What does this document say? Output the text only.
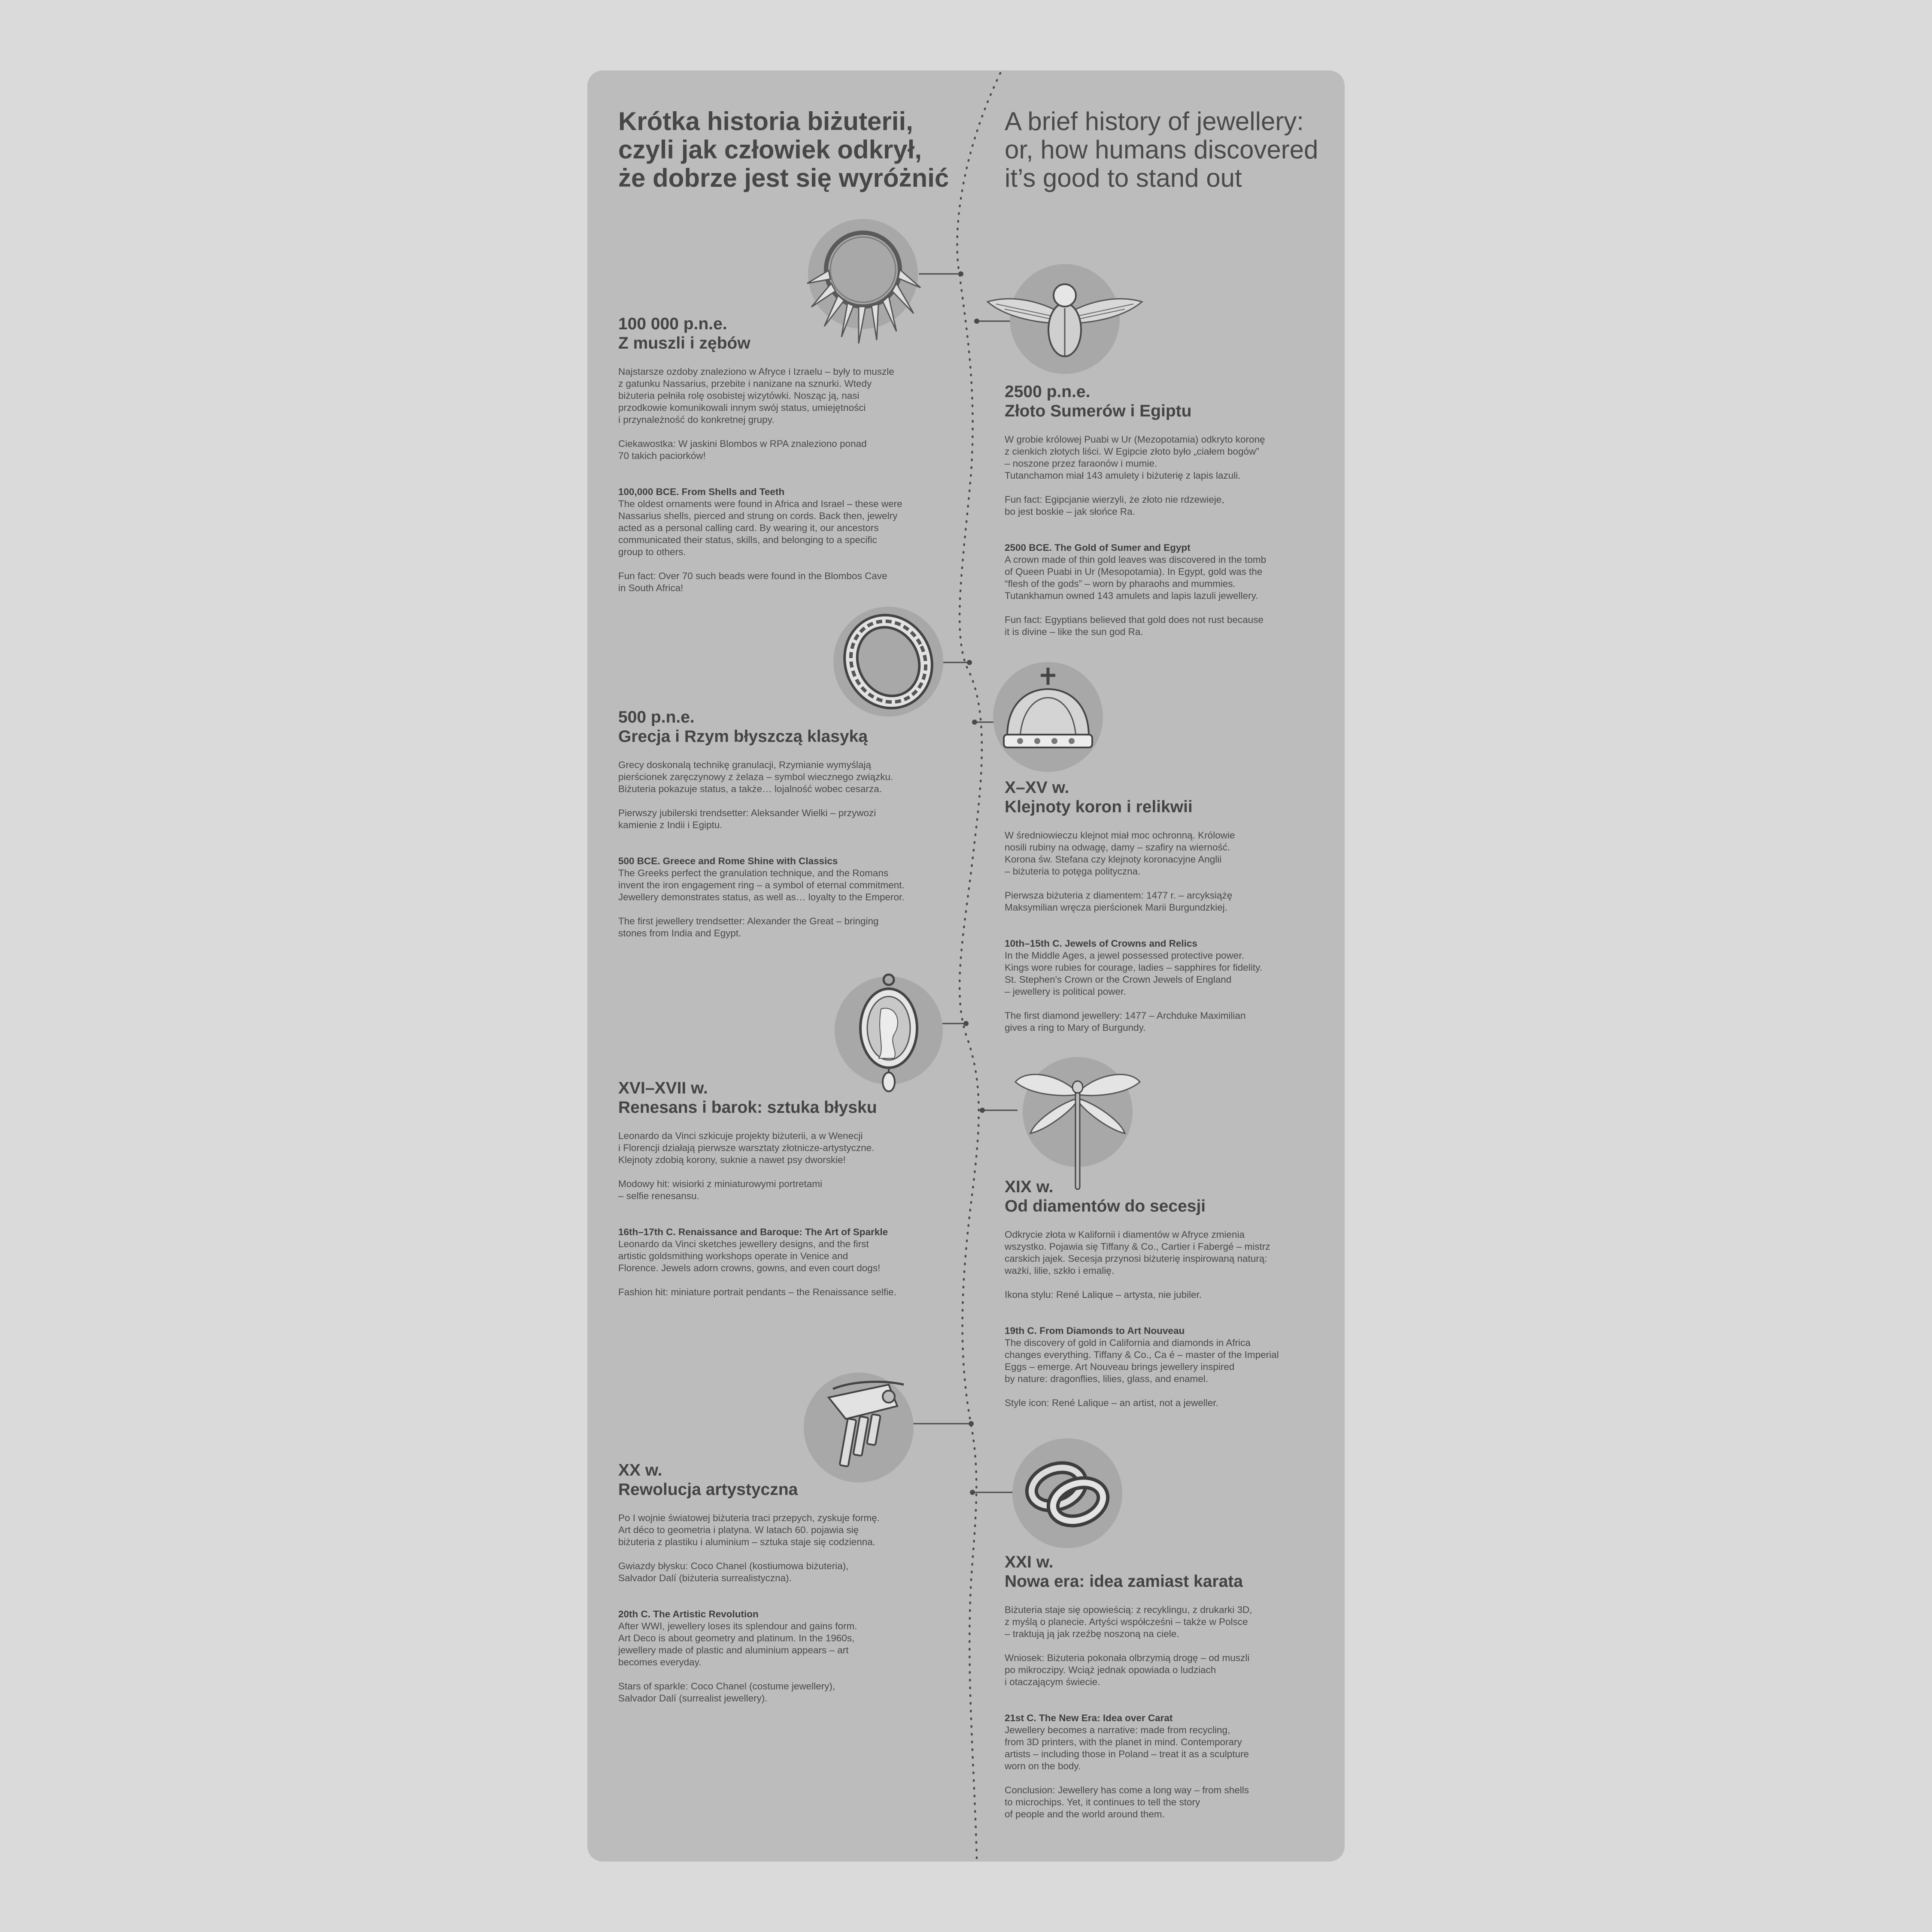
Krótka historia biżuterii,
czyli jak człowiek odkrył,
że dobrze jest się wyróżnić
A brief history of jewellery:
or, how humans discovered
it’s good to stand out
100 000 p.n.e.
Z muszli i zębów

Najstarsze ozdoby znaleziono w Afryce i Izraelu – były to muszle
z gatunku Nassarius, przebite i nanizane na sznurki. Wtedy
biżuteria pełniła rolę osobistej wizytówki. Nosząc ją, nasi
przodkowie komunikowali innym swój status, umiejętności
i przynależność do konkretnej grupy.

Ciekawostka: W jaskini Blombos w RPA znaleziono ponad
70 takich paciorków!

100,000 BCE. From Shells and Teeth

The oldest ornaments were found in Africa and Israel – these were
Nassarius shells, pierced and strung on cords. Back then, jewelry
acted as a personal calling card. By wearing it, our ancestors
communicated their status, skills, and belonging to a specific
group to others.

Fun fact: Over 70 such beads were found in the Blombos Cave
in South Africa!

2500 p.n.e.
Złoto Sumerów i Egiptu

W grobie królowej Puabi w Ur (Mezopotamia) odkryto koronę
z cienkich złotych liści. W Egipcie złoto było „ciałem bogów”
– noszone przez faraonów i mumie.
Tutanchamon miał 143 amulety i biżuterię z lapis lazuli.

Fun fact: Egipcjanie wierzyli, że złoto nie rdzewieje,
bo jest boskie – jak słońce Ra.

2500 BCE. The Gold of Sumer and Egypt

A crown made of thin gold leaves was discovered in the tomb
of Queen Puabi in Ur (Mesopotamia). In Egypt, gold was the
“flesh of the gods” – worn by pharaohs and mummies.
Tutankhamun owned 143 amulets and lapis lazuli jewellery.

Fun fact: Egyptians believed that gold does not rust because
it is divine – like the sun god Ra.

500 p.n.e.
Grecja i Rzym błyszczą klasyką

Grecy doskonalą technikę granulacji, Rzymianie wymyślają
pierścionek zaręczynowy z żelaza – symbol wiecznego związku.
Biżuteria pokazuje status, a także… lojalność wobec cesarza.

Pierwszy jubilerski trendsetter: Aleksander Wielki – przywozi
kamienie z Indii i Egiptu.

500 BCE. Greece and Rome Shine with Classics

The Greeks perfect the granulation technique, and the Romans
invent the iron engagement ring – a symbol of eternal commitment.
Jewellery demonstrates status, as well as… loyalty to the Emperor.

The first jewellery trendsetter: Alexander the Great – bringing
stones from India and Egypt.

X–XV w.
Klejnoty koron i relikwii

W średniowieczu klejnot miał moc ochronną. Królowie
nosili rubiny na odwagę, damy – szafiry na wierność.
Korona św. Stefana czy klejnoty koronacyjne Anglii
– biżuteria to potęga polityczna.

Pierwsza biżuteria z diamentem: 1477 r. – arcyksiążę
Maksymilian wręcza pierścionek Marii Burgundzkiej.

10th–15th C. Jewels of Crowns and Relics

In the Middle Ages, a jewel possessed protective power.
Kings wore rubies for courage, ladies – sapphires for fidelity.
St. Stephen's Crown or the Crown Jewels of England
– jewellery is political power.

The first diamond jewellery: 1477 – Archduke Maximilian
gives a ring to Mary of Burgundy.

XVI–XVII w.
Renesans i barok: sztuka błysku

Leonardo da Vinci szkicuje projekty biżuterii, a w Wenecji
i Florencji działają pierwsze warsztaty złotnicze-artystyczne.
Klejnoty zdobią korony, suknie a nawet psy dworskie!

Modowy hit: wisiorki z miniaturowymi portretami
– selfie renesansu.

16th–17th C. Renaissance and Baroque: The Art of Sparkle

Leonardo da Vinci sketches jewellery designs, and the first
artistic goldsmithing workshops operate in Venice and
Florence. Jewels adorn crowns, gowns, and even court dogs!

Fashion hit: miniature portrait pendants – the Renaissance selfie.

XIX w.
Od diamentów do secesji

Odkrycie złota w Kalifornii i diamentów w Afryce zmienia
wszystko. Pojawia się Tiffany & Co., Cartier i Fabergé – mistrz
carskich jajek. Secesja przynosi biżuterię inspirowaną naturą:
ważki, lilie, szkło i emalię.

Ikona stylu: René Lalique – artysta, nie jubiler.

19th C. From Diamonds to Art Nouveau

The discovery of gold in California and diamonds in Africa
changes everything. Tiffany & Co., Ca é – master of the Imperial
Eggs – emerge. Art Nouveau brings jewellery inspired
by nature: dragonflies, lilies, glass, and enamel.

Style icon: René Lalique – an artist, not a jeweller.

XX w.
Rewolucja artystyczna

Po I wojnie światowej biżuteria traci przepych, zyskuje formę.
Art déco to geometria i platyna. W latach 60. pojawia się
biżuteria z plastiku i aluminium – sztuka staje się codzienna.

Gwiazdy błysku: Coco Chanel (kostiumowa biżuteria),
Salvador Dalí (biżuteria surrealistyczna).

20th C. The Artistic Revolution

After WWI, jewellery loses its splendour and gains form.
Art Deco is about geometry and platinum. In the 1960s,
jewellery made of plastic and aluminium appears – art
becomes everyday.

Stars of sparkle: Coco Chanel (costume jewellery),
Salvador Dalí (surrealist jewellery).

XXI w.
Nowa era: idea zamiast karata

Biżuteria staje się opowieścią: z recyklingu, z drukarki 3D,
z myślą o planecie. Artyści współcześni – także w Polsce
– traktują ją jak rzeźbę noszoną na ciele.

Wniosek: Biżuteria pokonała olbrzymią drogę – od muszli
po mikroczipy. Wciąż jednak opowiada o ludziach
i otaczającym świecie.

21st C. The New Era: Idea over Carat

Jewellery becomes a narrative: made from recycling,
from 3D printers, with the planet in mind. Contemporary
artists – including those in Poland – treat it as a sculpture
worn on the body.

Conclusion: Jewellery has come a long way – from shells
to microchips. Yet, it continues to tell the story
of people and the world around them.
